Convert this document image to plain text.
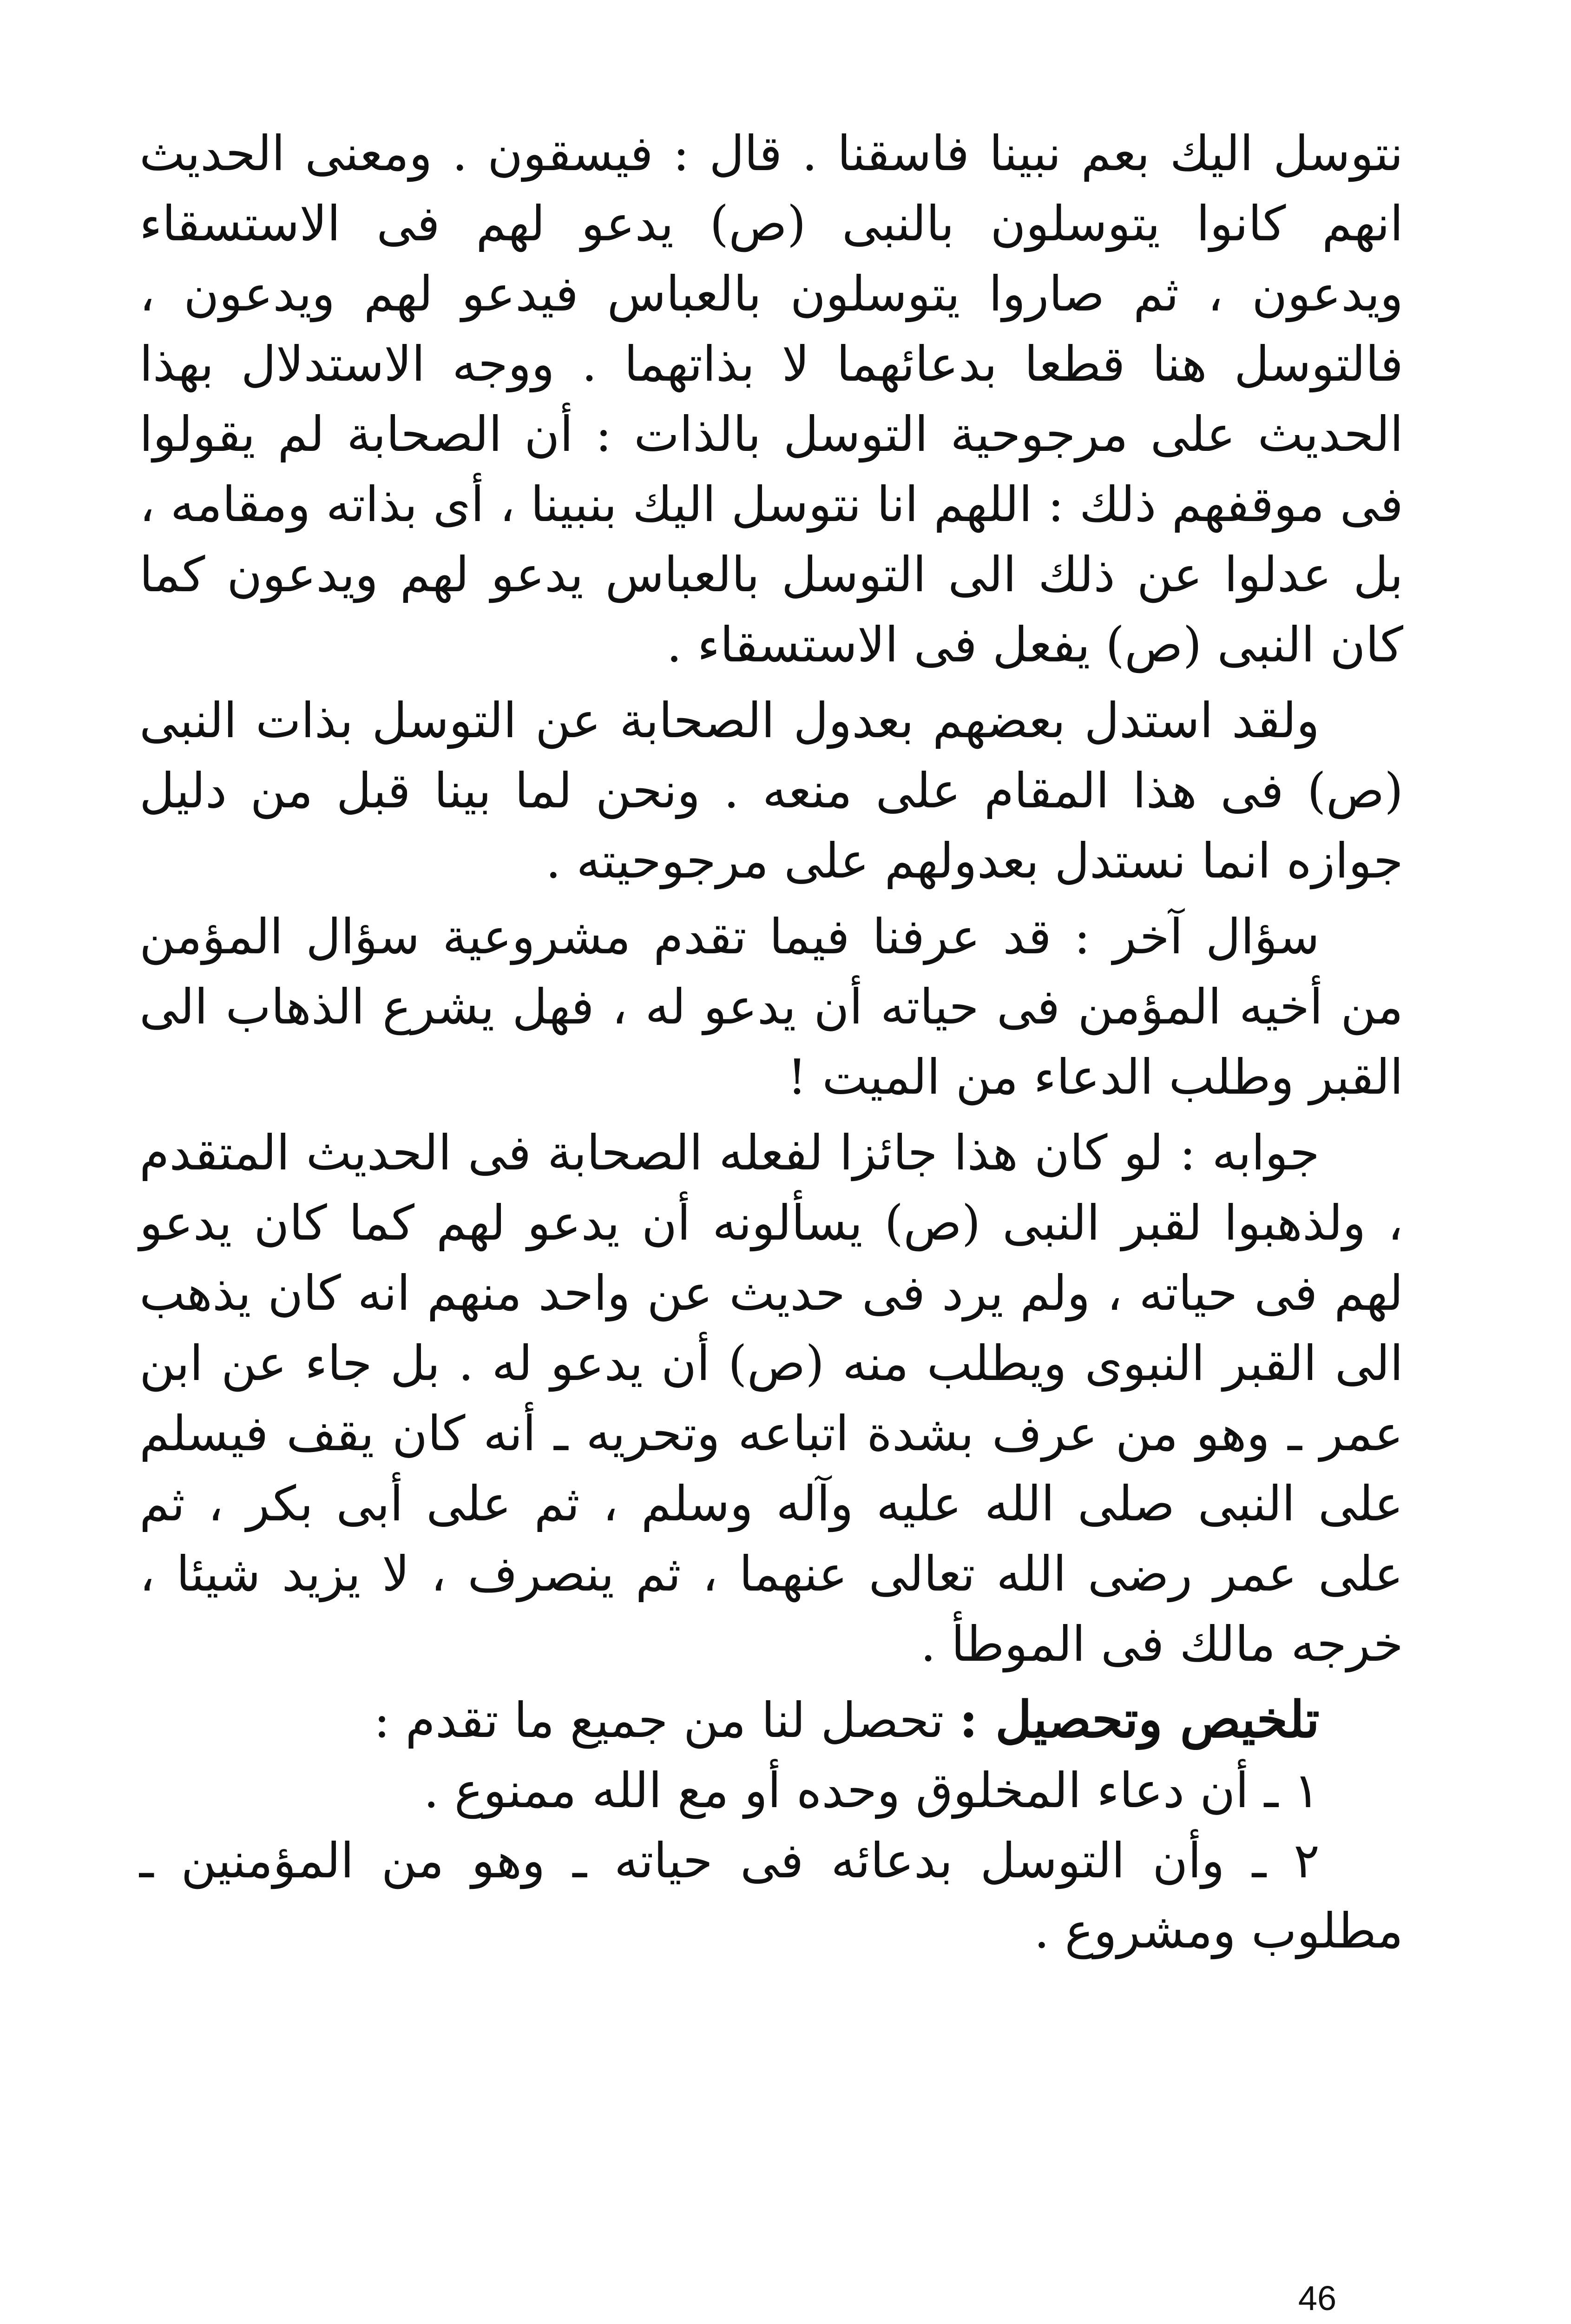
نتوسل اليك بعم نبينا فاسقنا . قال : فيسقون . ومعنى الحديث انهم كانوا يتوسلون بالنبى (ص) يدعو لهم فى الاستسقاء ويدعون ، ثم صاروا يتوسلون بالعباس فيدعو لهم ويدعون ، فالتوسل هنا قطعا بدعائهما لا بذاتهما . ووجه الاستدلال بهذا الحديث على مرجوحية التوسل بالذات : أن الصحابة لم يقولوا فى موقفهم ذلك : اللهم انا نتوسل اليك بنبينا ، أى بذاته ومقامه ، بل عدلوا عن ذلك الى التوسل بالعباس يدعو لهم ويدعون كما كان النبى (ص) يفعل فى الاستسقاء .

ولقد استدل بعضهم بعدول الصحابة عن التوسل بذات النبى (ص) فى هذا المقام على منعه . ونحن لما بينا قبل من دليل جوازه انما نستدل بعدولهم على مرجوحيته .

سؤال آخر : قد عرفنا فيما تقدم مشروعية سؤال المؤمن من أخيه المؤمن فى حياته أن يدعو له ، فهل يشرع الذهاب الى القبر وطلب الدعاء من الميت !

جوابه : لو كان هذا جائزا لفعله الصحابة فى الحديث المتقدم ، ولذهبوا لقبر النبى (ص) يسألونه أن يدعو لهم كما كان يدعو لهم فى حياته ، ولم يرد فى حديث عن واحد منهم انه كان يذهب الى القبر النبوى ويطلب منه (ص) أن يدعو له . بل جاء عن ابن عمر ـ وهو من عرف بشدة اتباعه وتحريه ـ أنه كان يقف فيسلم على النبى صلى الله عليه وآله وسلم ، ثم على أبى بكر ، ثم على عمر رضى الله تعالى عنهما ، ثم ينصرف ، لا يزيد شيئا ، خرجه مالك فى الموطأ .

تلخيص وتحصيل : تحصل لنا من جميع ما تقدم :

١ ـ أن دعاء المخلوق وحده أو مع الله ممنوع .

٢ ـ وأن التوسل بدعائه فى حياته ـ وهو من المؤمنين ـ مطلوب ومشروع .

46
